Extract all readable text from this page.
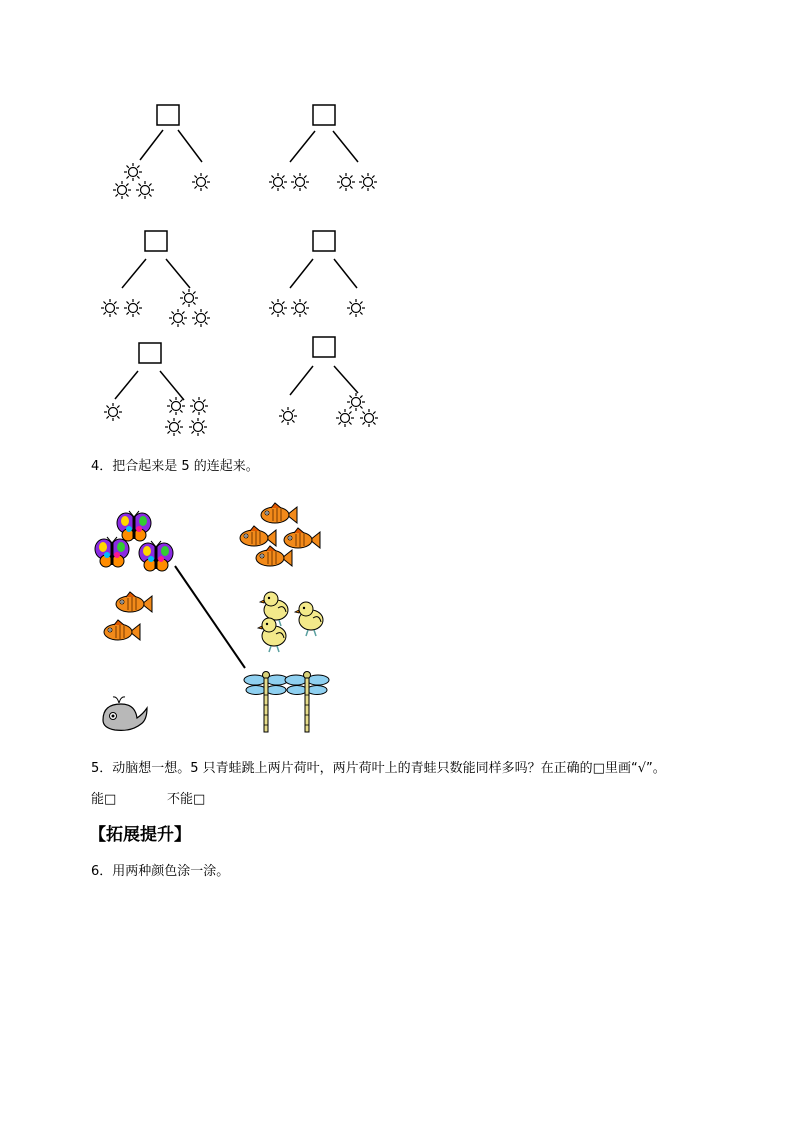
4．把合起来是 5 的连起来。
5．动脑想一想。5 只青蛙跳上两片荷叶，两片荷叶上的青蛙只数能同样多吗？在正确的□里画“√”。
能□	不能□
【拓展提升】
6．用两种颜色涂一涂。
